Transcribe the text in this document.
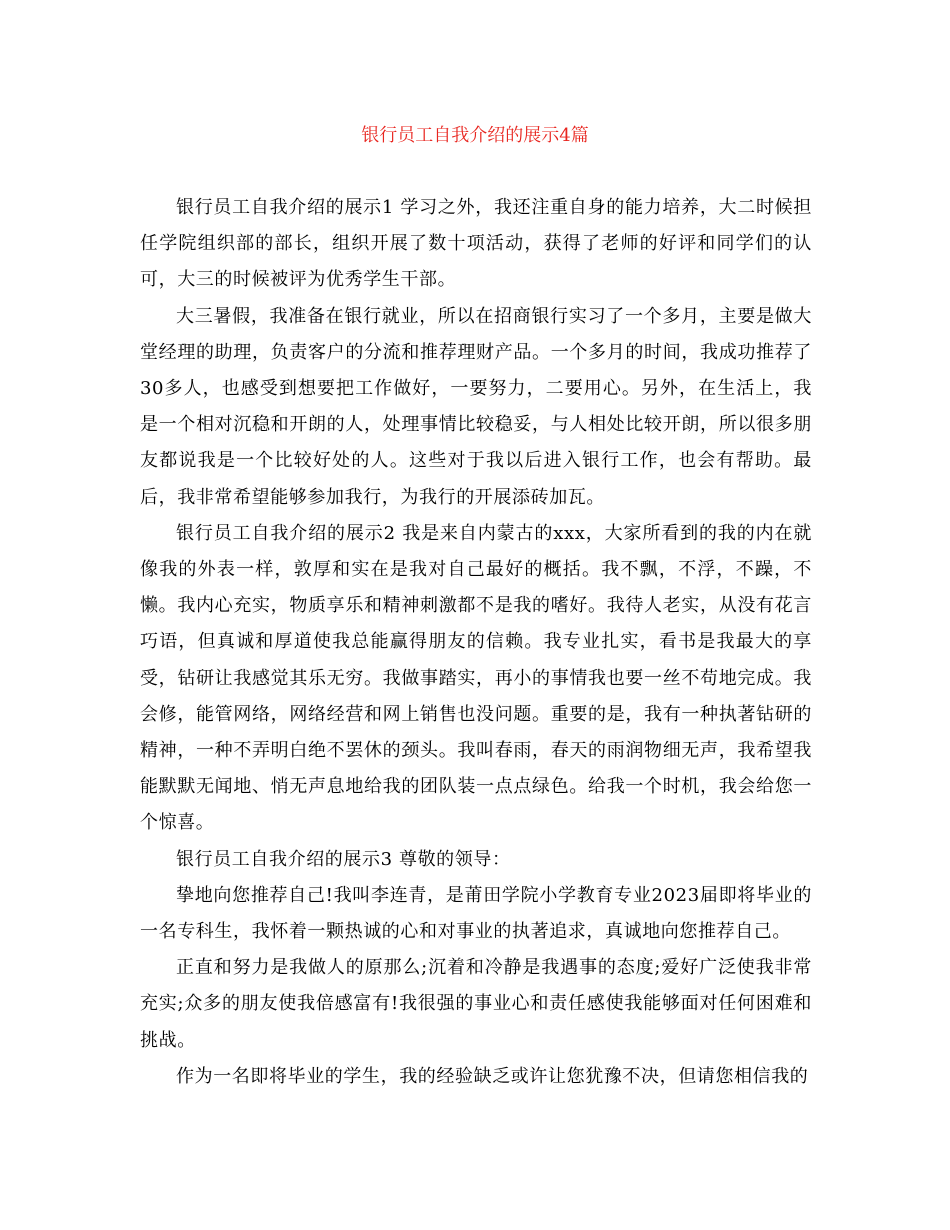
银行员工自我介绍的展示4篇

银行员工自我介绍的展示1 学习之外，我还注重自身的能力培养，大二时候担任学院组织部的部长，组织开展了数十项活动，获得了老师的好评和同学们的认可，大三的时候被评为优秀学生干部。

大三暑假，我准备在银行就业，所以在招商银行实习了一个多月，主要是做大堂经理的助理，负责客户的分流和推荐理财产品。一个多月的时间，我成功推荐了30多人，也感受到想要把工作做好，一要努力，二要用心。另外，在生活上，我是一个相对沉稳和开朗的人，处理事情比较稳妥，与人相处比较开朗，所以很多朋友都说我是一个比较好处的人。这些对于我以后进入银行工作，也会有帮助。最后，我非常希望能够参加我行，为我行的开展添砖加瓦。

银行员工自我介绍的展示2 我是来自内蒙古的xxx，大家所看到的我的内在就像我的外表一样，敦厚和实在是我对自己最好的概括。我不飘，不浮，不躁，不懒。我内心充实，物质享乐和精神刺激都不是我的嗜好。我待人老实，从没有花言巧语，但真诚和厚道使我总能赢得朋友的信赖。我专业扎实，看书是我最大的享受，钻研让我感觉其乐无穷。我做事踏实，再小的事情我也要一丝不苟地完成。我会修，能管网络，网络经营和网上销售也没问题。重要的是，我有一种执著钻研的精神，一种不弄明白绝不罢休的颈头。我叫春雨，春天的雨润物细无声，我希望我能默默无闻地、悄无声息地给我的团队装一点点绿色。给我一个时机，我会给您一个惊喜。

银行员工自我介绍的展示3 尊敬的领导：

挚地向您推荐自己!我叫李连青，是莆田学院小学教育专业2023届即将毕业的一名专科生，我怀着一颗热诚的心和对事业的执著追求，真诚地向您推荐自己。

正直和努力是我做人的原那么;沉着和冷静是我遇事的态度;爱好广泛使我非常充实;众多的朋友使我倍感富有!我很强的事业心和责任感使我能够面对任何困难和挑战。

作为一名即将毕业的学生，我的经验缺乏或许让您犹豫不决，但请您相信我的
